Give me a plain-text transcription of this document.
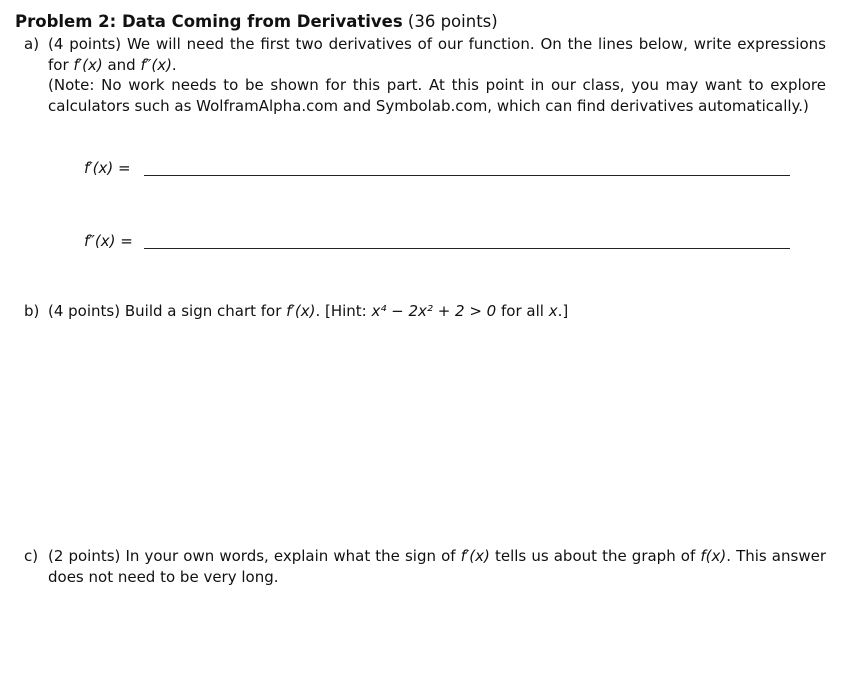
Problem 2: Data Coming from Derivatives (36 points)
a) (4 points) We will need the first two derivatives of our function. On the lines below, write expressions for f′(x) and f″(x).
(Note: No work needs to be shown for this part. At this point in our class, you may want to explore calculators such as WolframAlpha.com and Symbolab.com, which can find derivatives automatically.)
f′(x) =
f″(x) =
b) (4 points) Build a sign chart for f′(x). [Hint: x⁴ − 2x² + 2 > 0 for all x.]
c) (2 points) In your own words, explain what the sign of f′(x) tells us about the graph of f(x). This answer does not need to be very long.
